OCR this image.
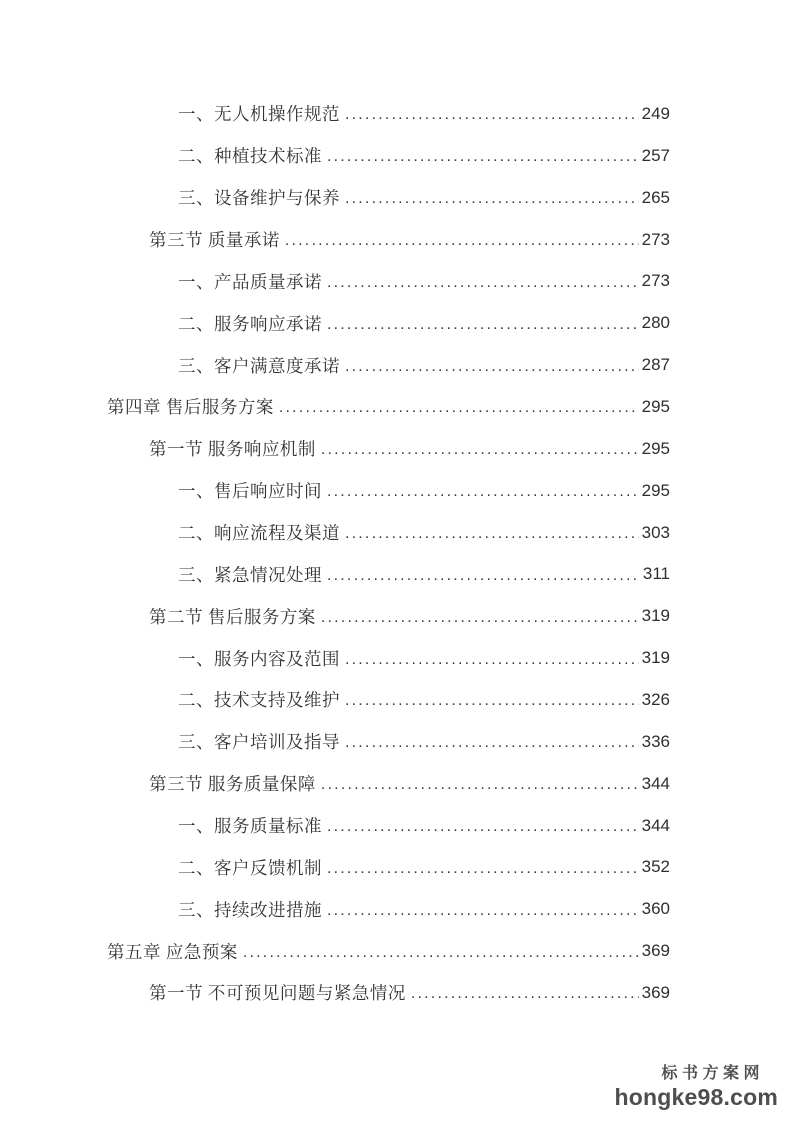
一、无人机操作规范 .....	249
二、种植技术标准 .....	257
三、设备维护与保养 .....	265
第三节 质量承诺 .....	273
一、产品质量承诺 .....	273
二、服务响应承诺 .....	280
三、客户满意度承诺 .....	287
第四章 售后服务方案 .....	295
第一节 服务响应机制 .....	295
一、售后响应时间 .....	295
二、响应流程及渠道 .....	303
三、紧急情况处理 .....	311
第二节 售后服务方案 .....	319
一、服务内容及范围 .....	319
二、技术支持及维护 .....	326
三、客户培训及指导 .....	336
第三节 服务质量保障 .....	344
一、服务质量标准 .....	344
二、客户反馈机制 .....	352
三、持续改进措施 .....	360
第五章 应急预案 .....	369
第一节 不可预见问题与紧急情况 .....	369
标书方案网
hongke98.com
